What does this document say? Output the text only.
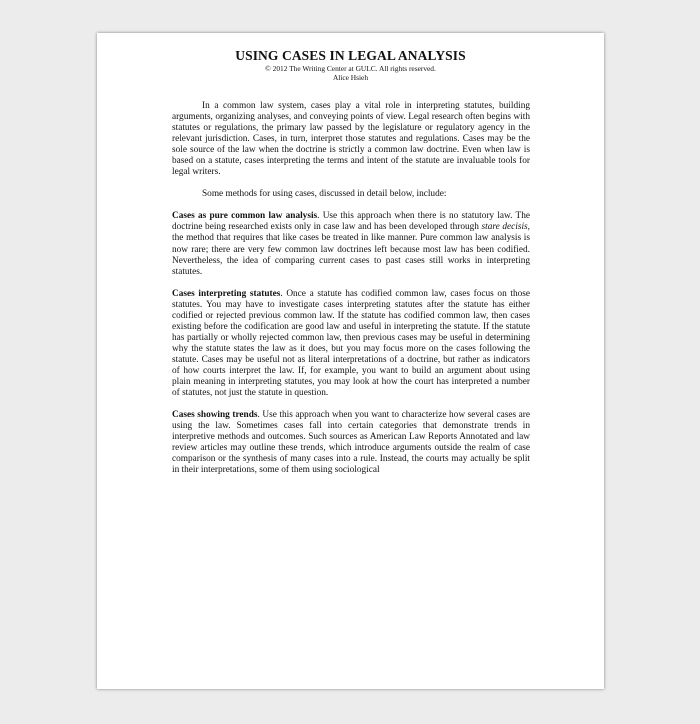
USING CASES IN LEGAL ANALYSIS
© 2012 The Writing Center at GULC. All rights reserved.
Alice Hsieh

In a common law system, cases play a vital role in interpreting statutes, building arguments, organizing analyses, and conveying points of view. Legal research often begins with statutes or regulations, the primary law passed by the legislature or regulatory agency in the relevant jurisdiction. Cases, in turn, interpret those statutes and regulations. Cases may be the sole source of the law when the doctrine is strictly a common law doctrine. Even when law is based on a statute, cases interpreting the terms and intent of the statute are invaluable tools for legal writers.

Some methods for using cases, discussed in detail below, include:

Cases as pure common law analysis. Use this approach when there is no statutory law. The doctrine being researched exists only in case law and has been developed through stare decisis, the method that requires that like cases be treated in like manner. Pure common law analysis is now rare; there are very few common law doctrines left because most law has been codified. Nevertheless, the idea of comparing current cases to past cases still works in interpreting statutes.

Cases interpreting statutes. Once a statute has codified common law, cases focus on those statutes. You may have to investigate cases interpreting statutes after the statute has either codified or rejected previous common law. If the statute has codified common law, then cases existing before the codification are good law and useful in interpreting the statute. If the statute has partially or wholly rejected common law, then previous cases may be useful in determining why the statute states the law as it does, but you may focus more on the cases following the statute. Cases may be useful not as literal interpretations of a doctrine, but rather as indicators of how courts interpret the law. If, for example, you want to build an argument about using plain meaning in interpreting statutes, you may look at how the court has interpreted a number of statutes, not just the statute in question.

Cases showing trends. Use this approach when you want to characterize how several cases are using the law. Sometimes cases fall into certain categories that demonstrate trends in interpretive methods and outcomes. Such sources as American Law Reports Annotated and law review articles may outline these trends, which introduce arguments outside the realm of case comparison or the synthesis of many cases into a rule. Instead, the courts may actually be split in their interpretations, some of them using sociological
